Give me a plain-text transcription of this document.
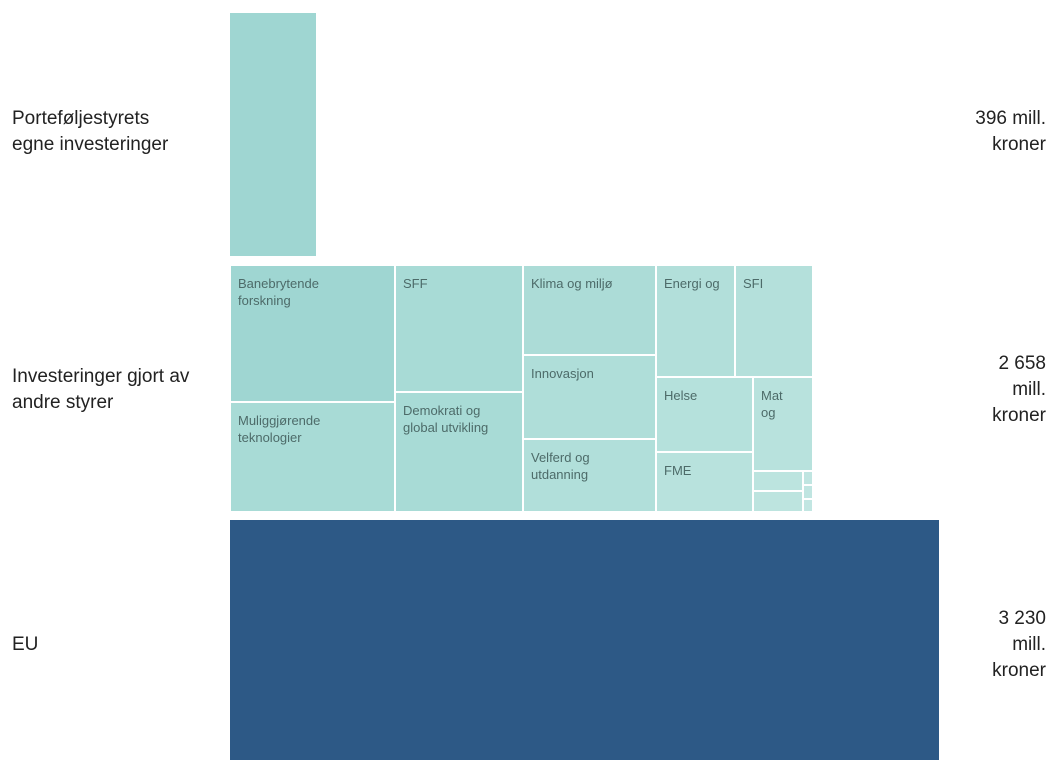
Porteføljestyrets
egne investeringer
396 mill.
kroner
Investeringer gjort av
andre styrer
2 658
mill.
kroner
Banebrytende
forskning
Muliggjørende
teknologier
SFF
Demokrati og
global utvikling
Klima og miljø
Innovasjon
Velferd og
utdanning
Energi og SFI
Helse
FME
Mat
og
EU
3 230
mill.
kroner
